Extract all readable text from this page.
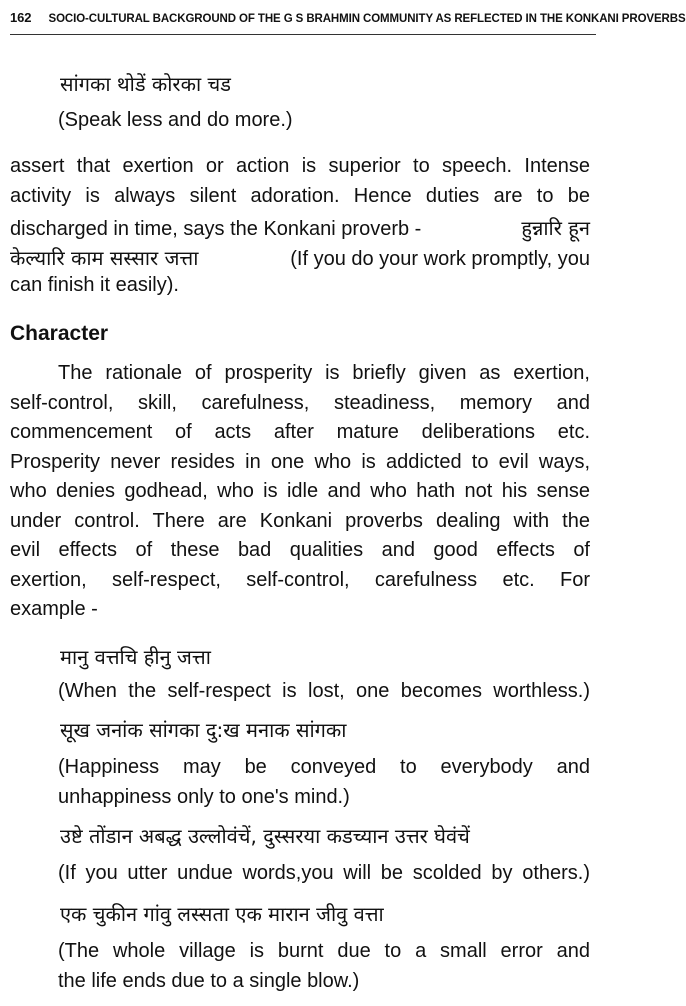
162 SOCIO-CULTURAL BACKGROUND OF THE G S BRAHMIN COMMUNITY AS REFLECTED IN THE KONKANI PROVERBS
सांगका थोडें कोरका चड
(Speak less and do more.)
assert that exertion or action is superior to speech. Intense
activity is always silent adoration. Hence duties are to be
discharged in time, says the Konkani proverb -	हुन्नारि हून
केल्यारि काम सस्सार जत्ता	(If you do your work promptly, you
can finish it easily).
Character
The rationale of prosperity is briefly given as exertion,
self-control, skill, carefulness, steadiness, memory and
commencement of acts after mature deliberations etc.
Prosperity never resides in one who is addicted to evil ways,
who denies godhead, who is idle and who hath not his sense
under control. There are Konkani proverbs dealing with the
evil effects of these bad qualities and good effects of
exertion, self-respect, self-control, carefulness etc. For
example -
मानु वत्तचि हीनु जत्ता
(When the self-respect is lost, one becomes worthless.)
सूख जनांक सांगका दु:ख मनाक सांगका
(Happiness may be conveyed to everybody and
unhappiness only to one's mind.)
उष्टे तोंडान अबद्ध उल्लोवंचें, दुस्सरया कडच्यान उत्तर घेवंचें
(If you utter undue words,you will be scolded by others.)
एक चुकीन गांवु लस्सता एक मारान जीवु वत्ता
(The whole village is burnt due to a small error and
the life ends due to a single blow.)
